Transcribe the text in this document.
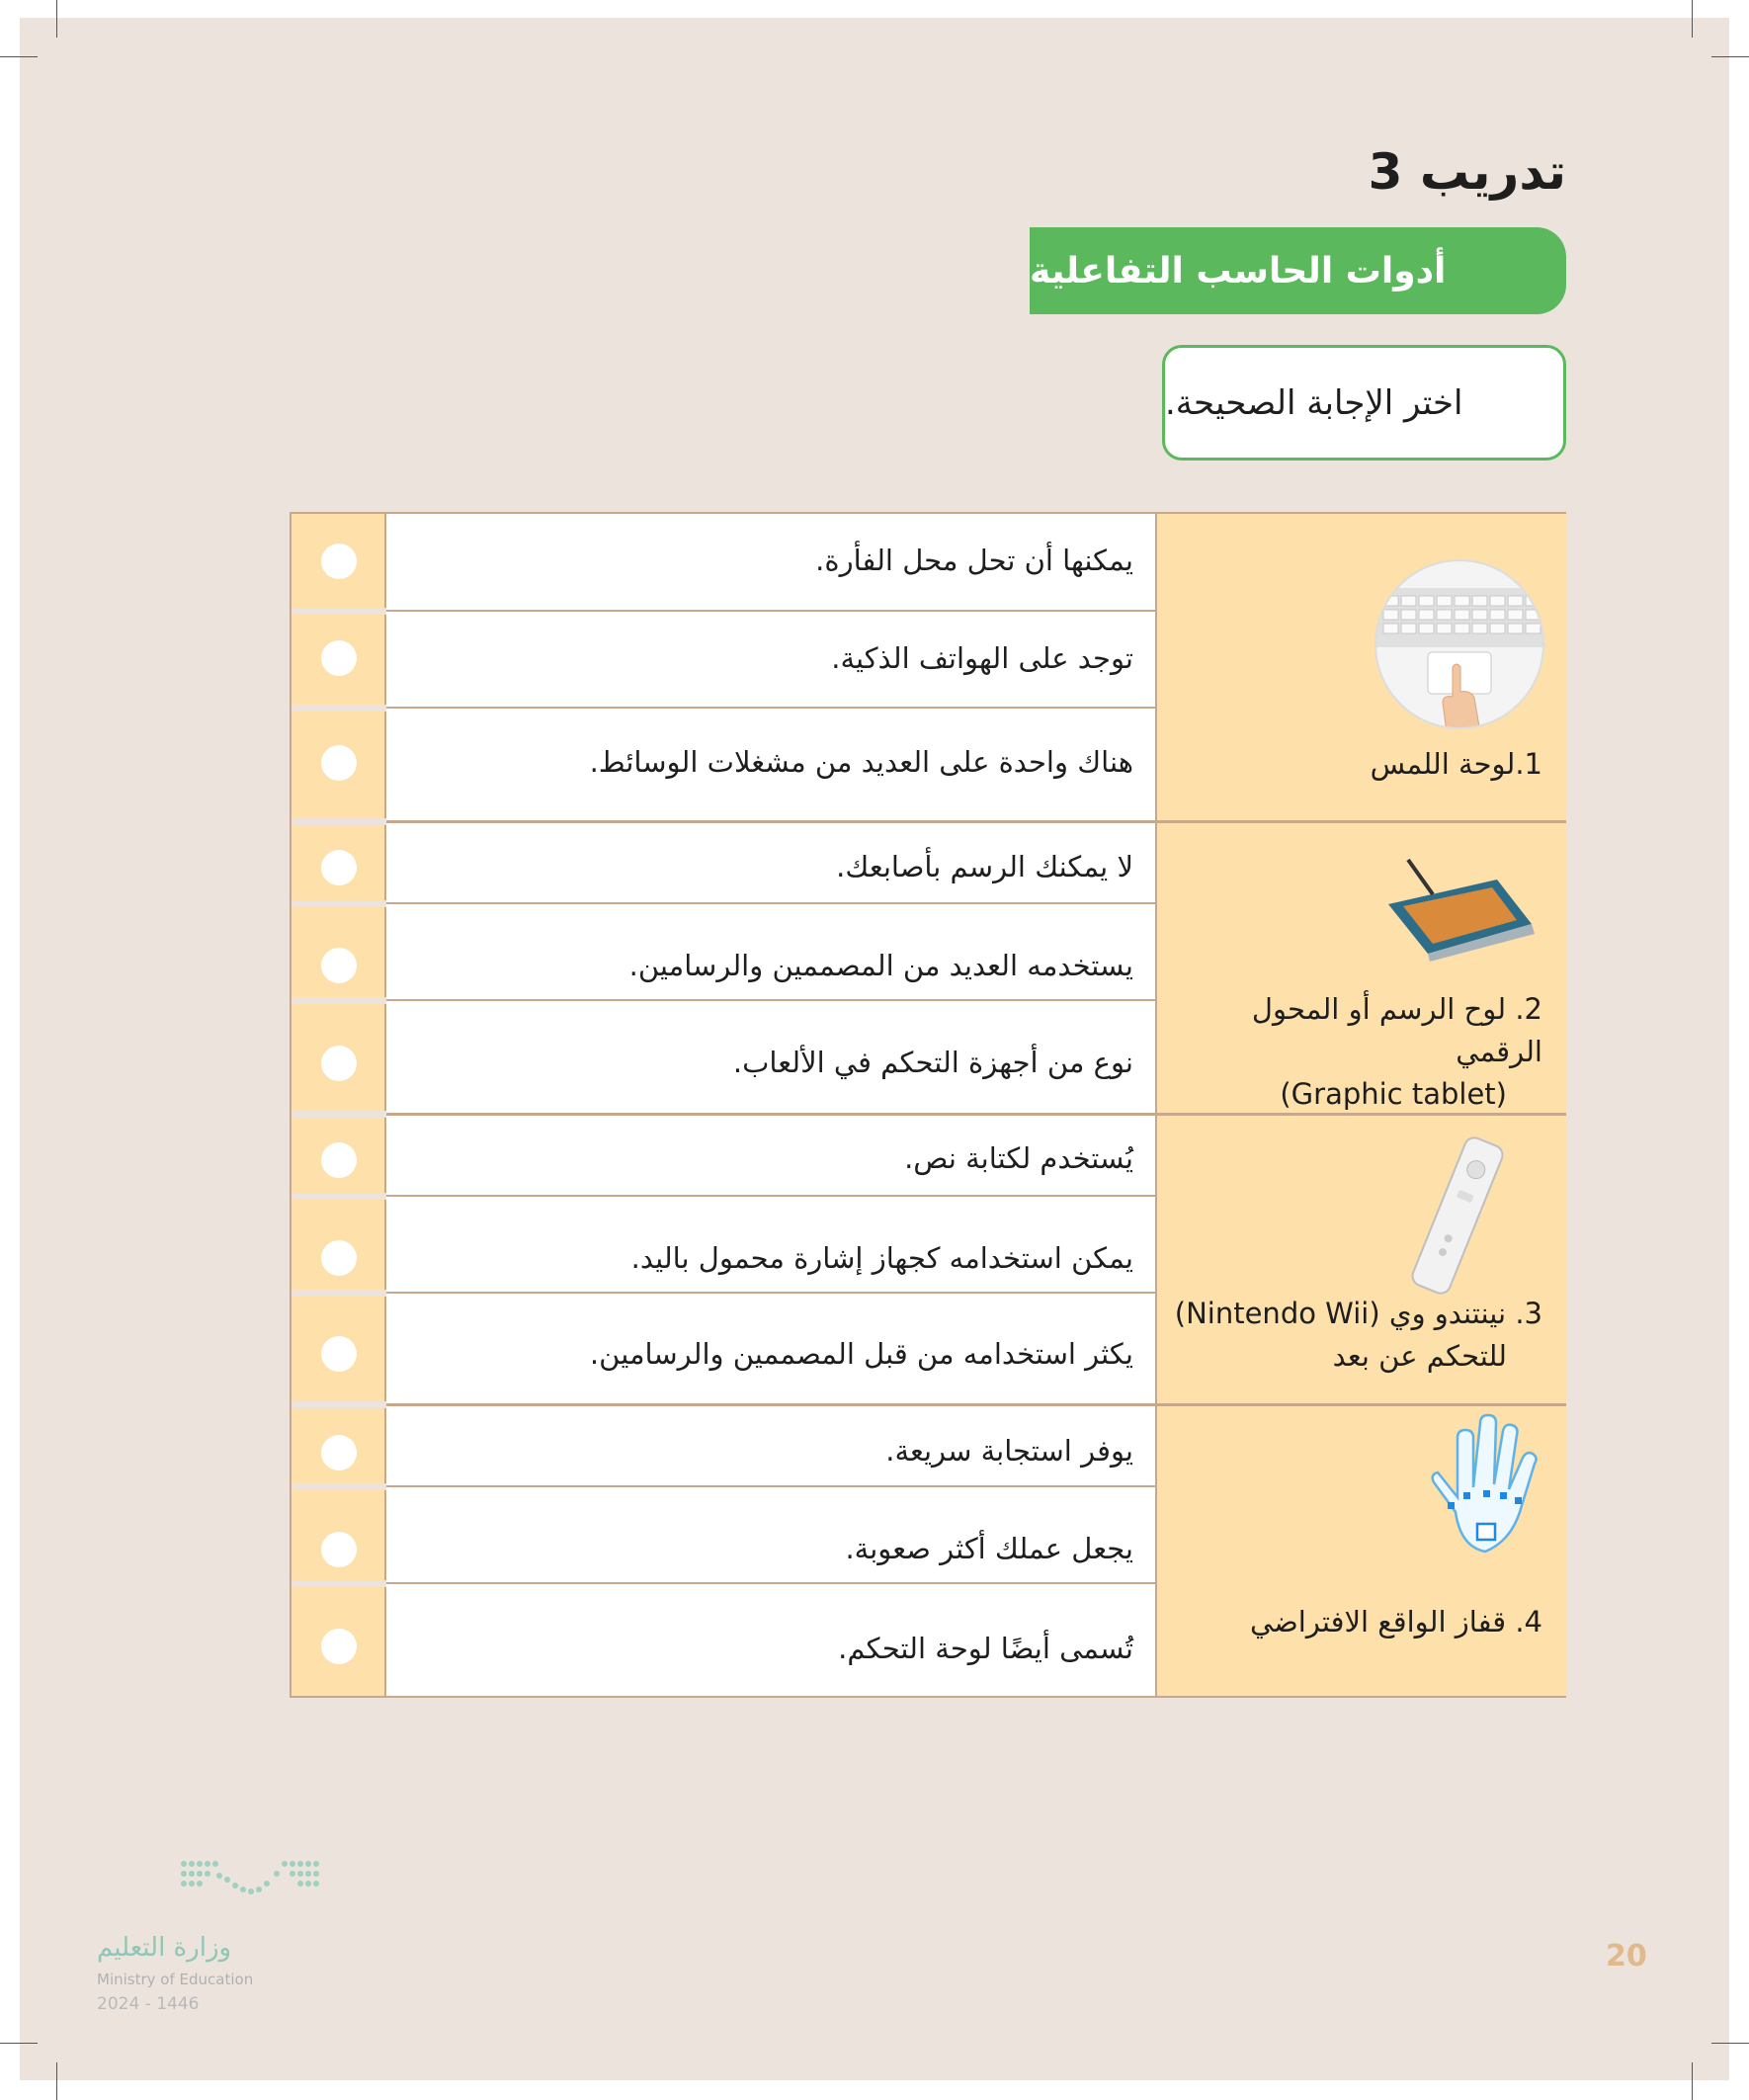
تدريب 3
أدوات الحاسب التفاعلية
اختر الإجابة الصحيحة.
يمكنها أن تحل محل الفأرة.
توجد على الهواتف الذكية.
هناك واحدة على العديد من مشغلات الوسائط.
لا يمكنك الرسم بأصابعك.
يستخدمه العديد من المصممين والرسامين.
نوع من أجهزة التحكم في الألعاب.
يُستخدم لكتابة نص.
يمكن استخدامه كجهاز إشارة محمول باليد.
يكثر استخدامه من قبل المصممين والرسامين.
يوفر استجابة سريعة.
يجعل عملك أكثر صعوبة.
تُسمى أيضًا لوحة التحكم.
1.لوحة اللمس
2. لوح الرسم أو المحول الرقمي
(Graphic tablet)
3. نينتندو وي (Nintendo Wii)
للتحكم عن بعد
4. قفاز الواقع الافتراضي
20
وزارة التعليم
Ministry of Education
2024 - 1446
